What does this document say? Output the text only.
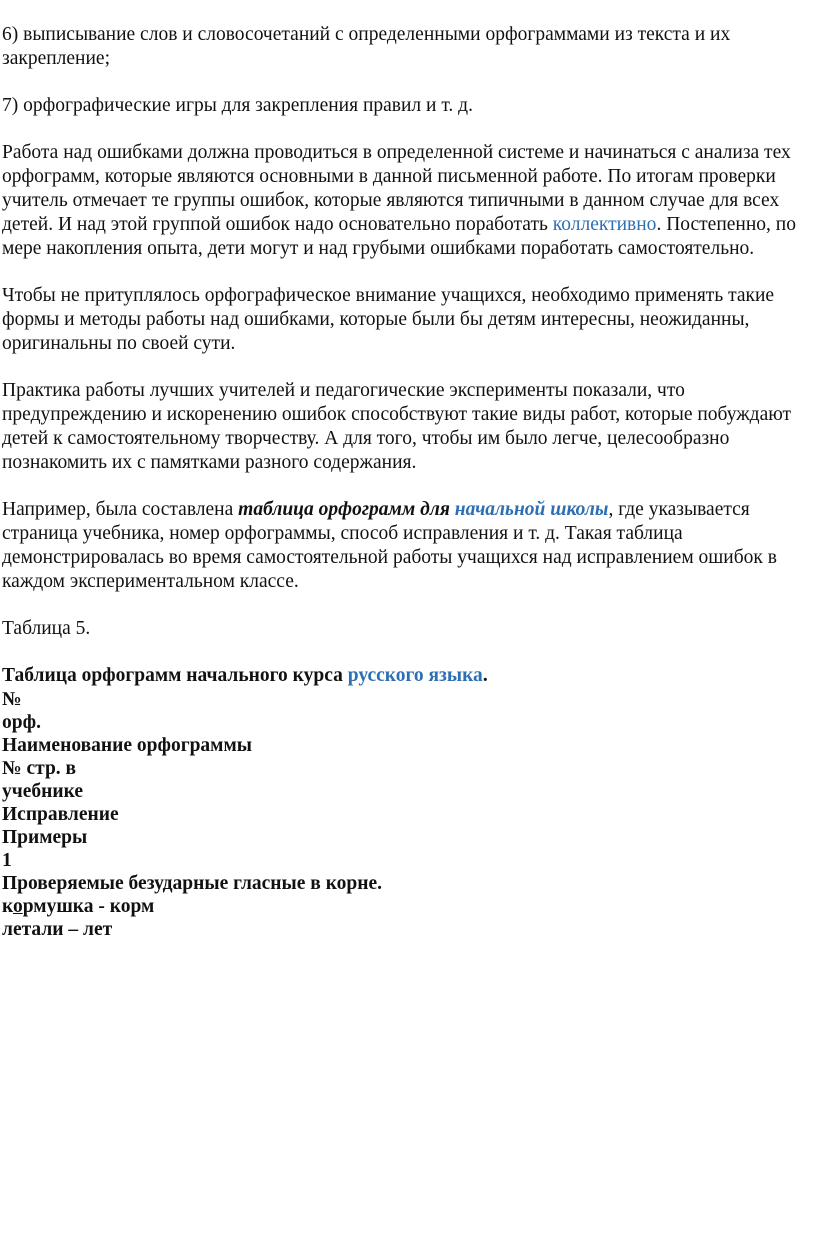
6) выписывание слов и словосочетаний с определенными орфограммами из текста и их закрепление;

7) орфографические игры для закрепления правил и т. д.

Работа над ошибками должна проводиться в определенной системе и начинаться с анализа тех орфограмм, которые являются основными в данной письменной работе. По итогам проверки учитель отмечает те группы ошибок, которые являются типичными в данном случае для всех детей. И над этой группой ошибок надо основательно поработать коллективно. Постепенно, по мере накопления опыта, дети могут и над грубыми ошибками поработать самостоятельно.

Чтобы не притуплялось орфографическое внимание учащихся, необходимо применять такие формы и методы работы над ошибками, которые были бы детям интересны, неожиданны, оригинальны по своей сути.

Практика работы лучших учителей и педагогические эксперименты показали, что предупреждению и искоренению ошибок способствуют такие виды работ, которые побуждают детей к самостоятельному творчеству. А для того, чтобы им было легче, целесообразно познакомить их с памятками разного содержания.

Например, была составлена таблица орфограмм для начальной школы, где указывается страница учебника, номер орфограммы, способ исправления и т. д. Такая таблица демонстрировалась во время самостоятельной работы учащихся над исправлением ошибок в каждом экспериментальном классе.

Таблица 5.

Таблица орфограмм начального курса русского языка.

№

орф.

Наименование орфограммы

№ стр. в

учебнике

Исправление

Примеры

1

Проверяемые безударные гласные в корне.

кормушка - корм

летали – лет
